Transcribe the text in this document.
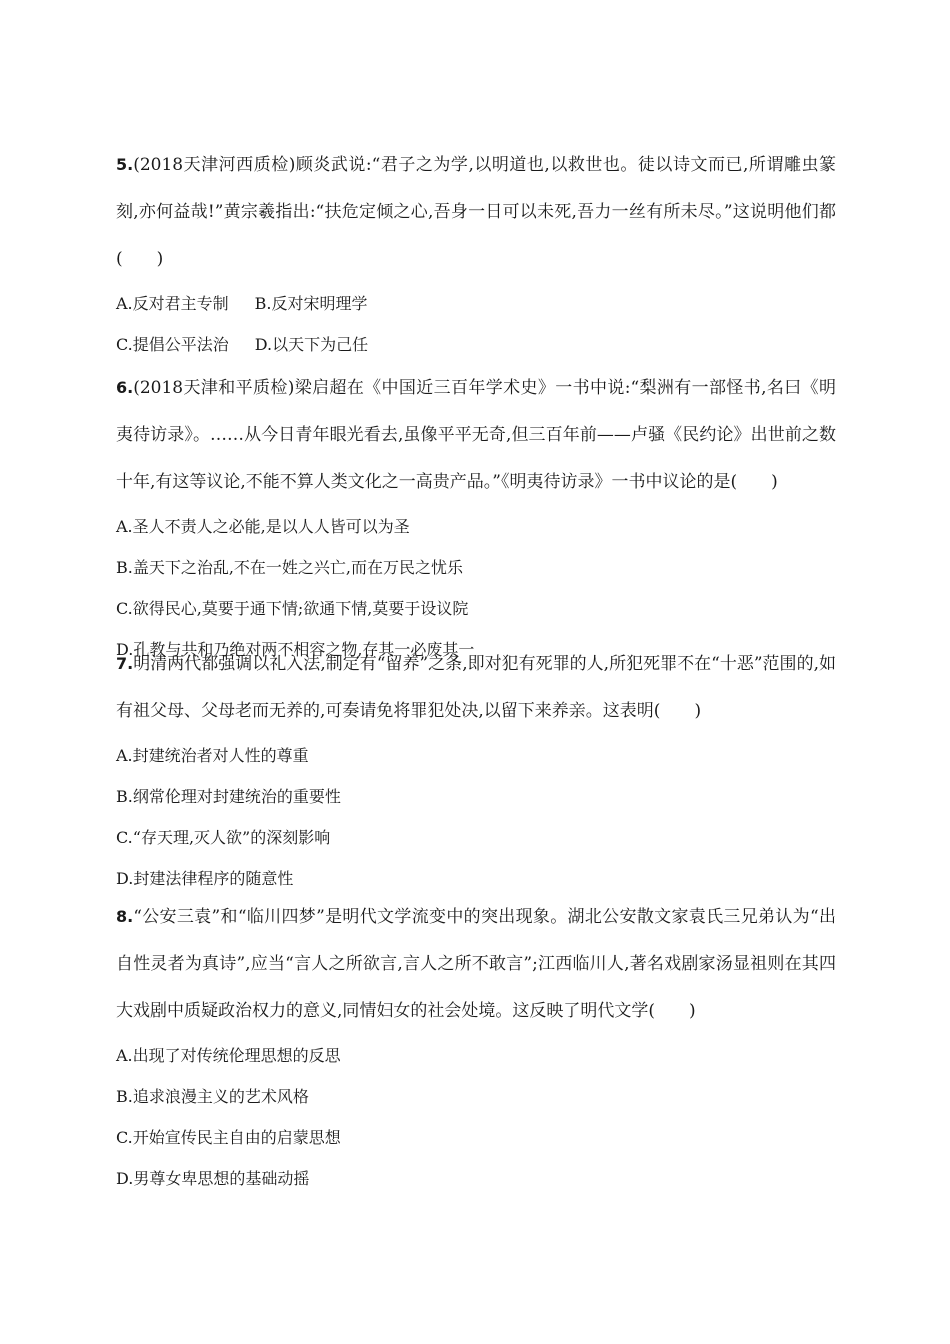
5.(2018天津河西质检)顾炎武说:“君子之为学,以明道也,以救世也。徒以诗文而已,所谓雕虫篆刻,亦何益哉!”黄宗羲指出:“扶危定倾之心,吾身一日可以未死,吾力一丝有所未尽。”这说明他们都(　　)

A.反对君主专制 B.反对宋明理学
C.提倡公平法治 D.以天下为己任

6.(2018天津和平质检)梁启超在《中国近三百年学术史》一书中说:“梨洲有一部怪书,名曰《明夷待访录》。……从今日青年眼光看去,虽像平平无奇,但三百年前——卢骚《民约论》出世前之数十年,有这等议论,不能不算人类文化之一高贵产品。”《明夷待访录》一书中议论的是(　　)

A.圣人不责人之必能,是以人人皆可以为圣
B.盖天下之治乱,不在一姓之兴亡,而在万民之忧乐
C.欲得民心,莫要于通下情;欲通下情,莫要于设议院
D.孔教与共和乃绝对两不相容之物,存其一必废其一

7.明清两代都强调以礼入法,制定有“留养”之条,即对犯有死罪的人,所犯死罪不在“十恶”范围的,如有祖父母、父母老而无养的,可奏请免将罪犯处决,以留下来养亲。这表明(　　)

A.封建统治者对人性的尊重
B.纲常伦理对封建统治的重要性
C.“存天理,灭人欲”的深刻影响
D.封建法律程序的随意性

8.“公安三袁”和“临川四梦”是明代文学流变中的突出现象。湖北公安散文家袁氏三兄弟认为“出自性灵者为真诗”,应当“言人之所欲言,言人之所不敢言”;江西临川人,著名戏剧家汤显祖则在其四大戏剧中质疑政治权力的意义,同情妇女的社会处境。这反映了明代文学(　　)

A.出现了对传统伦理思想的反思
B.追求浪漫主义的艺术风格
C.开始宣传民主自由的启蒙思想
D.男尊女卑思想的基础动摇
